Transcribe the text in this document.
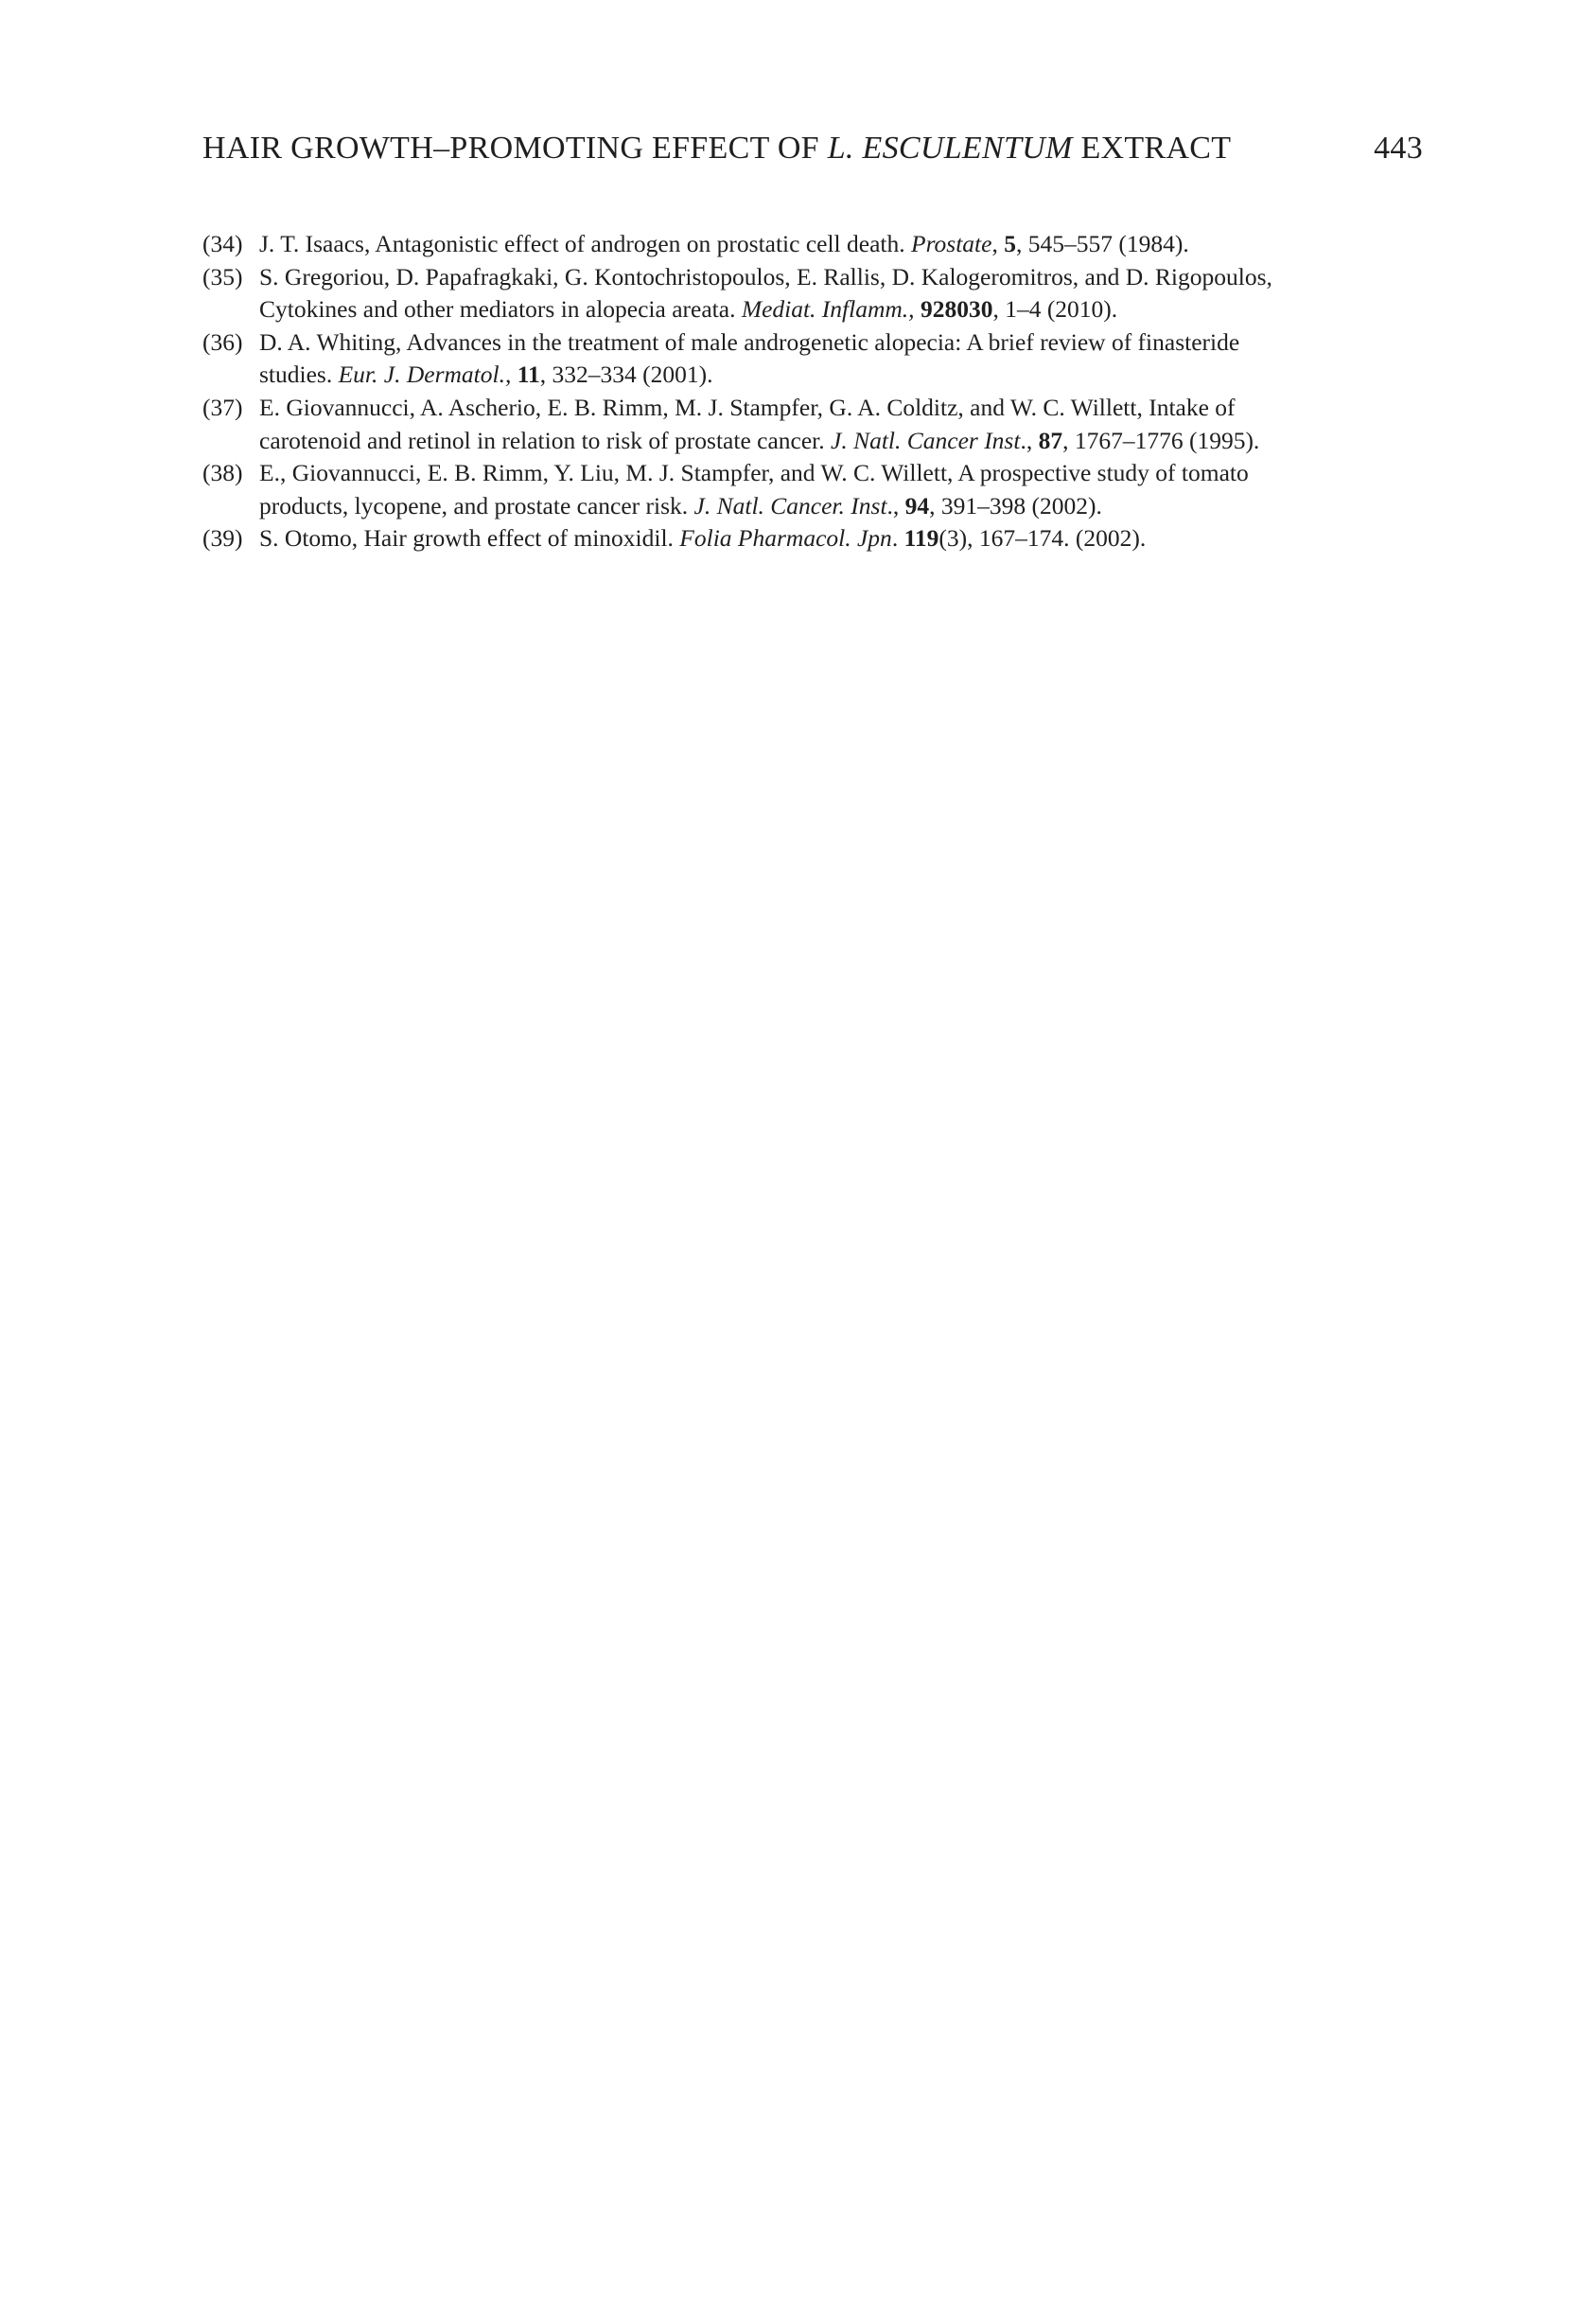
HAIR GROWTH–PROMOTING EFFECT OF L. ESCULENTUM EXTRACT	443
(34) J. T. Isaacs, Antagonistic effect of androgen on prostatic cell death. Prostate, 5, 545–557 (1984).
(35) S. Gregoriou, D. Papafragkaki, G. Kontochristopoulos, E. Rallis, D. Kalogeromitros, and D. Rigopoulos,
Cytokines and other mediators in alopecia areata. Mediat. Inflamm., 928030, 1–4 (2010).
(36) D. A. Whiting, Advances in the treatment of male androgenetic alopecia: A brief review of finasteride
studies. Eur. J. Dermatol., 11, 332–334 (2001).
(37) E. Giovannucci, A. Ascherio, E. B. Rimm, M. J. Stampfer, G. A. Colditz, and W. C. Willett, Intake of
carotenoid and retinol in relation to risk of prostate cancer. J. Natl. Cancer Inst., 87, 1767–1776 (1995).
(38) E., Giovannucci, E. B. Rimm, Y. Liu, M. J. Stampfer, and W. C. Willett, A prospective study of tomato
products, lycopene, and prostate cancer risk. J. Natl. Cancer. Inst., 94, 391–398 (2002).
(39) S. Otomo, Hair growth effect of minoxidil. Folia Pharmacol. Jpn. 119(3), 167–174. (2002).
